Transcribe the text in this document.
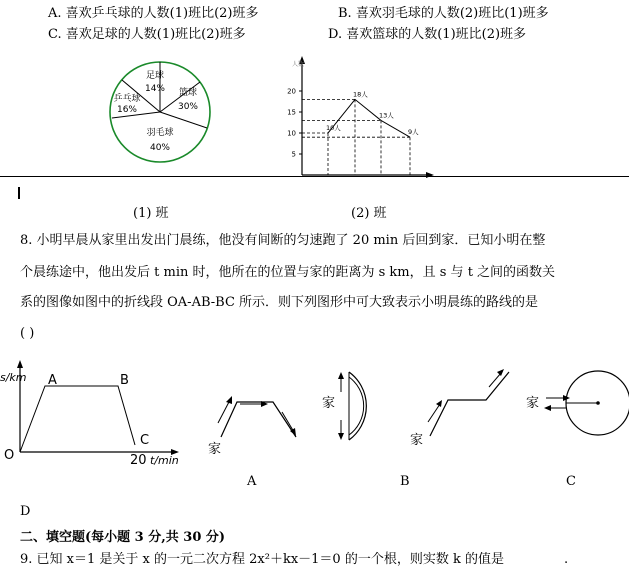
A. 喜欢乒乓球的人数(1)班比(2)班多	B. 喜欢羽毛球的人数(2)班比(1)班多
C. 喜欢足球的人数(1)班比(2)班多	D. 喜欢篮球的人数(1)班比(2)班多
足球
14% 篮球
30%
羽毛球
40%
乒乓球
16%
人数
5
10
15
20
10人
18人
13人
9人
(1) 班	(2) 班
8. 小明早晨从家里出发出门晨练，他没有间断的匀速跑了 20 min 后回到家．已知小明在整
个晨练途中，他出发后 t min 时，他所在的位置与家的距离为 s km，且 s 与 t 之间的函数关
系的图像如图中的折线段 OA-AB-BC 所示．则下列图形中可大致表示小明晨练的路线的是
( )
s/km
t/min
O	20
A	B
C
家
家
家
家
A	B	C
D
二、填空题(每小题 3 分,共 30 分)
9. 已知 x＝1 是关于 x 的一元二次方程 2x²＋kx－1＝0 的一个根，则实数 k 的值是	.
